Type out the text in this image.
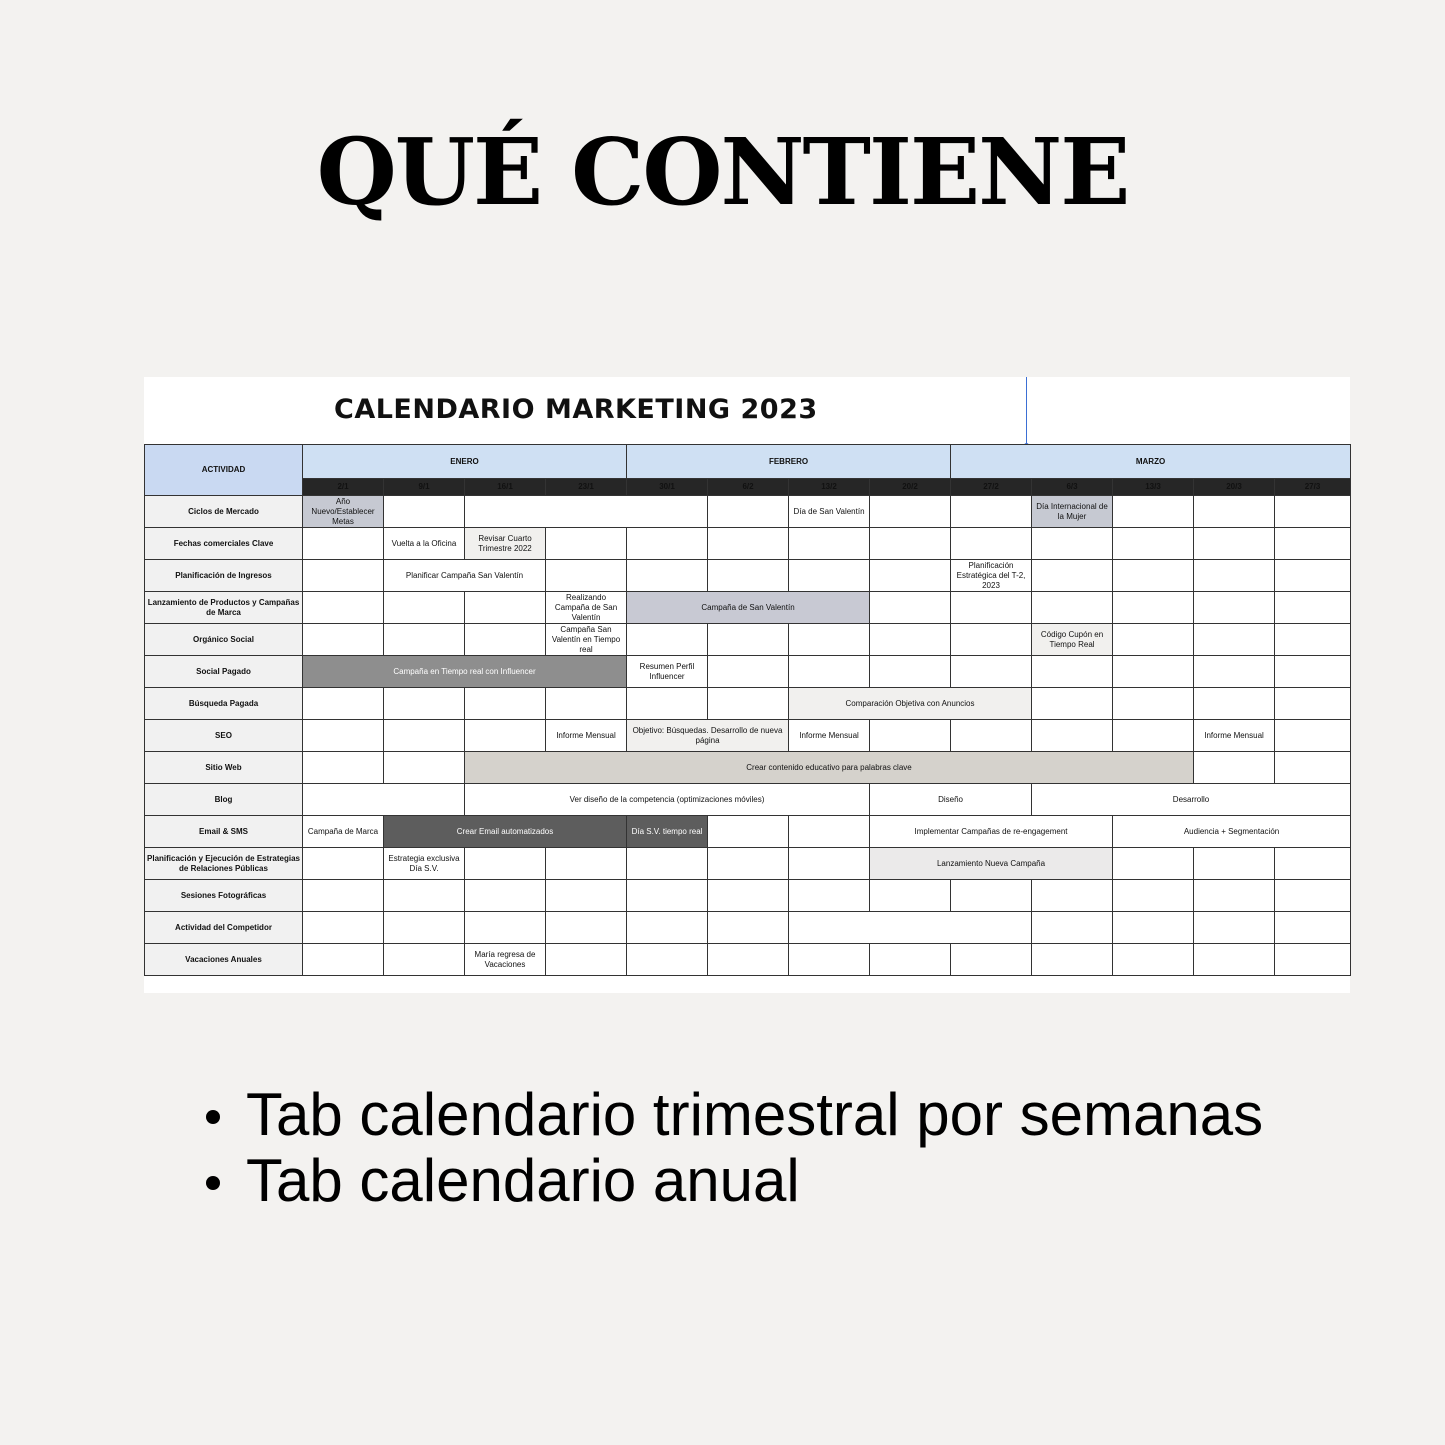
QUÉ CONTIENE
CALENDARIO MARKETING 2023
ACTIVIDAD	ENERO				FEBRERO				MARZO				
	2/1	9/1	16/1	23/1	30/1	6/2	13/2	20/2	27/2	6/3	13/3	20/3	27/3
Ciclos de Mercado	Año Nuevo/Establecer Metas						Día de San Valentín			Día Internacional de la Mujer			
Fechas comerciales Clave		Vuelta a la Oficina	Revisar Cuarto Trimestre 2022										
Planificación de Ingresos		Planificar Campaña San Valentín							Planificación Estratégica del T-2, 2023				
Lanzamiento de Productos y Campañas de Marca				Realizando Campaña de San Valentín	Campaña de San Valentín								
Orgánico Social				Campaña San Valentín en Tiempo real						Código Cupón en Tiempo Real			
Social Pagado	Campaña en Tiempo real con Influencer				Resumen Perfil Influencer								
Búsqueda Pagada							Comparación Objetiva con Anuncios						
SEO				Informe Mensual	Objetivo: Búsquedas. Desarrollo de nueva página		Informe Mensual					Informe Mensual	
Sitio Web			Crear contenido educativo para palabras clave										
Blog			Ver diseño de la competencia (optimizaciones móviles)					Diseño		Desarrollo			
Email & SMS	Campaña de Marca	Crear Email automatizados			Día S.V. tiempo real			Implementar Campañas de re-engagement			Audiencia + Segmentación		
Planificación y Ejecución de Estrategias de Relaciones Públicas		Estrategia exclusiva Día S.V.						Lanzamiento Nueva Campaña					
Sesiones Fotográficas													
Actividad del Competidor													
Vacaciones Anuales			María regresa de Vacaciones										
Tab calendario trimestral por semanas
Tab calendario anual
